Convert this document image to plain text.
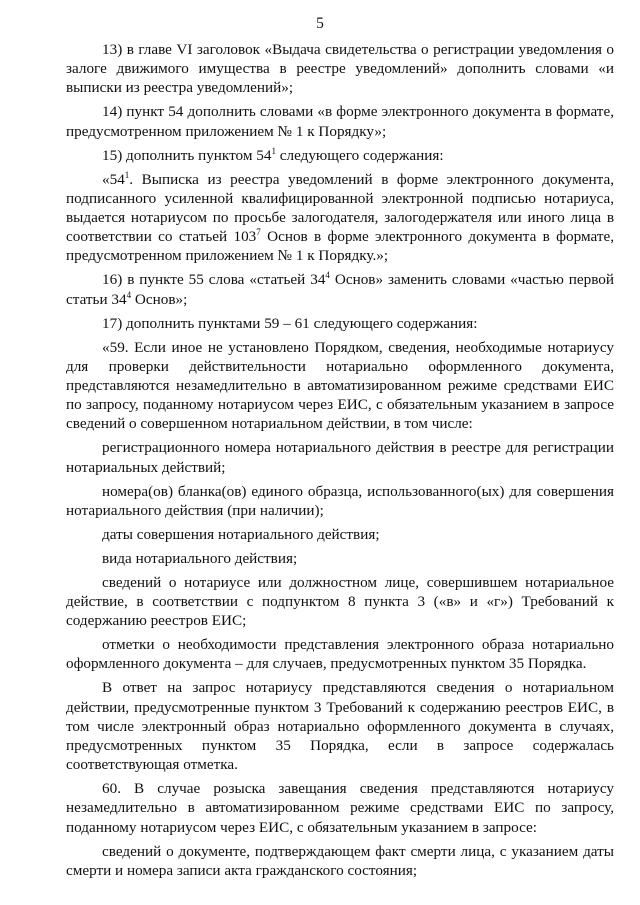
5

13) в главе VI заголовок «Выдача свидетельства о регистрации уведомления о залоге движимого имущества в реестре уведомлений» дополнить словами «и выписки из реестра уведомлений»;

14) пункт 54 дополнить словами «в форме электронного документа в формате, предусмотренном приложением № 1 к Порядку»;

15) дополнить пунктом $54^1$ следующего содержания:

«$54^1$. Выписка из реестра уведомлений в форме электронного документа, подписанного усиленной квалифицированной электронной подписью нотариуса, выдается нотариусом по просьбе залогодателя, залогодержателя или иного лица в соответствии со статьей $103^7$ Основ в форме электронного документа в формате, предусмотренном приложением № 1 к Порядку.»;

16) в пункте 55 слова «статьей $34^4$ Основ» заменить словами «частью первой статьи $34^4$ Основ»;

17) дополнить пунктами 59 – 61 следующего содержания:

«59. Если иное не установлено Порядком, сведения, необходимые нотариусу для проверки действительности нотариально оформленного документа, представляются незамедлительно в автоматизированном режиме средствами ЕИС по запросу, поданному нотариусом через ЕИС, с обязательным указанием в запросе сведений о совершенном нотариальном действии, в том числе:

регистрационного номера нотариального действия в реестре для регистрации нотариальных действий;

номера(ов) бланка(ов) единого образца, использованного(ых) для совершения нотариального действия (при наличии);

даты совершения нотариального действия;

вида нотариального действия;

сведений о нотариусе или должностном лице, совершившем нотариальное действие, в соответствии с подпунктом 8 пункта 3 («в» и «г») Требований к содержанию реестров ЕИС;

отметки о необходимости представления электронного образа нотариально оформленного документа – для случаев, предусмотренных пунктом 35 Порядка.

В ответ на запрос нотариусу представляются сведения о нотариальном действии, предусмотренные пунктом 3 Требований к содержанию реестров ЕИС, в том числе электронный образ нотариально оформленного документа в случаях, предусмотренных пунктом 35 Порядка, если в запросе содержалась соответствующая отметка.

60. В случае розыска завещания сведения представляются нотариусу незамедлительно в автоматизированном режиме средствами ЕИС по запросу, поданному нотариусом через ЕИС, с обязательным указанием в запросе:

сведений о документе, подтверждающем факт смерти лица, с указанием даты смерти и номера записи акта гражданского состояния;
